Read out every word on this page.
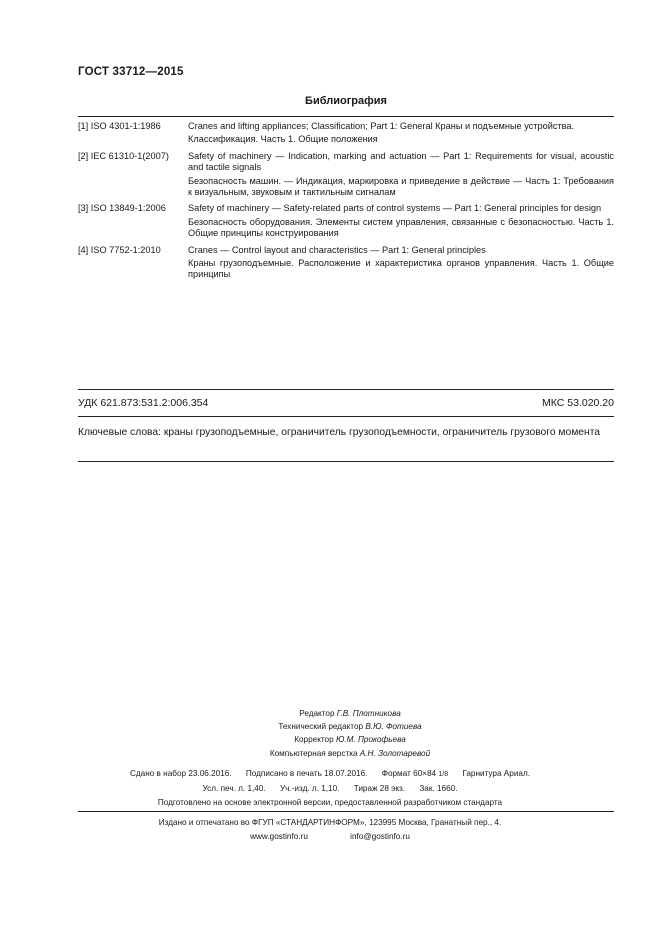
ГОСТ 33712—2015
Библиография
[1] ISO 4301-1:1986	Cranes and lifting appliances; Classification; Part 1: General Краны и подъемные устройства.

Классификация. Часть 1. Общие положения

[2] IEC 61310-1(2007)	Safety of machinery — Indication, marking and actuation — Part 1: Requirements for visual, acoustic and tactile signals

Безопасность машин. — Индикация, маркировка и приведение в действие — Часть 1: Требования к визуальным, звуковым и тактильным сигналам

[3] ISO 13849-1:2006	Safety of machinery — Safety-related parts of control systems — Part 1: General principles for design

Безопасность оборудования. Элементы систем управления, связанные с безопасностью. Часть 1. Общие принципы конструирования

[4] ISO 7752-1:2010	Cranes — Control layout and characteristics — Part 1: General principles

Краны грузоподъемные. Расположение и характеристика органов управления. Часть 1. Общие принципы

УДК 621.873:531.2:006.354	МКС 53.020.20
Ключевые слова: краны грузоподъемные, ограничитель грузоподъемности, ограничитель грузового момента
Редактор Г.В. Плотникова
Технический редактор В.Ю. Фотиева
Корректор Ю.М. Прокофьева
Компьютерная верстка А.Н. Золотаревой
Сдано в набор 23.06.2016. Подписано в печать 18.07.2016. Формат 60×84 1/8 Гарнитура Ариал.
Усл. печ. л. 1,40. Уч.-изд. л. 1,10. Тираж 28 экз. Зак. 1660.
Подготовлено на основе электронной версии, предоставленной разработчиком стандарта
Издано и отпечатано во ФГУП «СТАНДАРТИНФОРМ», 123995 Москва, Гранатный пер., 4.
www.gostinfo.ru	info@gostinfo.ru
